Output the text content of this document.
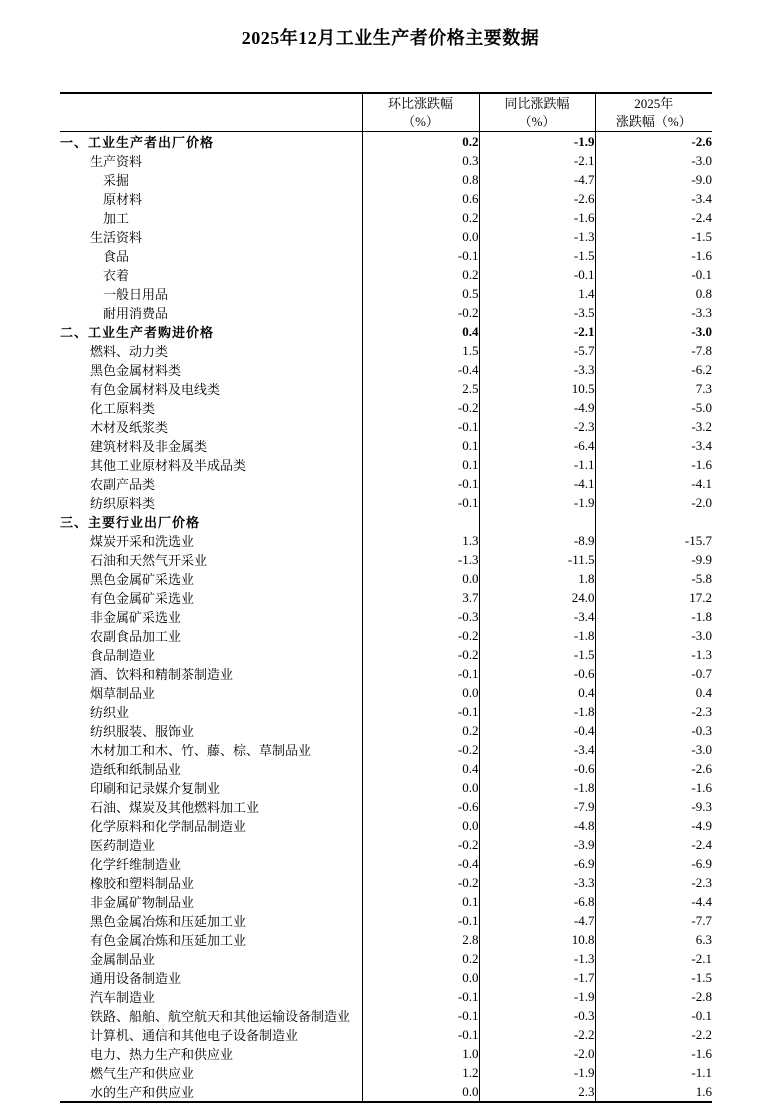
2025年12月工业生产者价格主要数据

环比涨跌幅
（%）

同比涨跌幅
（%）

2025年
涨跌幅（%）

一、工业生产者出厂价格	0.2	-1.9	-2.6
生产资料	0.3	-2.1	-3.0
采掘	0.8	-4.7	-9.0
原材料	0.6	-2.6	-3.4
加工	0.2	-1.6	-2.4
生活资料	0.0	-1.3	-1.5
食品	-0.1	-1.5	-1.6
衣着	0.2	-0.1	-0.1
一般日用品	0.5	1.4	0.8
耐用消费品	-0.2	-3.5	-3.3
二、工业生产者购进价格	0.4	-2.1	-3.0
燃料、动力类	1.5	-5.7	-7.8
黑色金属材料类	-0.4	-3.3	-6.2
有色金属材料及电线类	2.5	10.5	7.3
化工原料类	-0.2	-4.9	-5.0
木材及纸浆类	-0.1	-2.3	-3.2
建筑材料及非金属类	0.1	-6.4	-3.4
其他工业原材料及半成品类	0.1	-1.1	-1.6
农副产品类	-0.1	-4.1	-4.1
纺织原料类	-0.1	-1.9	-2.0
三、主要行业出厂价格			
煤炭开采和洗选业	1.3	-8.9	-15.7
石油和天然气开采业	-1.3	-11.5	-9.9
黑色金属矿采选业	0.0	1.8	-5.8
有色金属矿采选业	3.7	24.0	17.2
非金属矿采选业	-0.3	-3.4	-1.8
农副食品加工业	-0.2	-1.8	-3.0
食品制造业	-0.2	-1.5	-1.3
酒、饮料和精制茶制造业	-0.1	-0.6	-0.7
烟草制品业	0.0	0.4	0.4
纺织业	-0.1	-1.8	-2.3
纺织服装、服饰业	0.2	-0.4	-0.3
木材加工和木、竹、藤、棕、草制品业	-0.2	-3.4	-3.0
造纸和纸制品业	0.4	-0.6	-2.6
印刷和记录媒介复制业	0.0	-1.8	-1.6
石油、煤炭及其他燃料加工业	-0.6	-7.9	-9.3
化学原料和化学制品制造业	0.0	-4.8	-4.9
医药制造业	-0.2	-3.9	-2.4
化学纤维制造业	-0.4	-6.9	-6.9
橡胶和塑料制品业	-0.2	-3.3	-2.3
非金属矿物制品业	0.1	-6.8	-4.4
黑色金属冶炼和压延加工业	-0.1	-4.7	-7.7
有色金属冶炼和压延加工业	2.8	10.8	6.3
金属制品业	0.2	-1.3	-2.1
通用设备制造业	0.0	-1.7	-1.5
汽车制造业	-0.1	-1.9	-2.8
铁路、船舶、航空航天和其他运输设备制造业	-0.1	-0.3	-0.1
计算机、通信和其他电子设备制造业	-0.1	-2.2	-2.2
电力、热力生产和供应业	1.0	-2.0	-1.6
燃气生产和供应业	1.2	-1.9	-1.1
水的生产和供应业	0.0	2.3	1.6
